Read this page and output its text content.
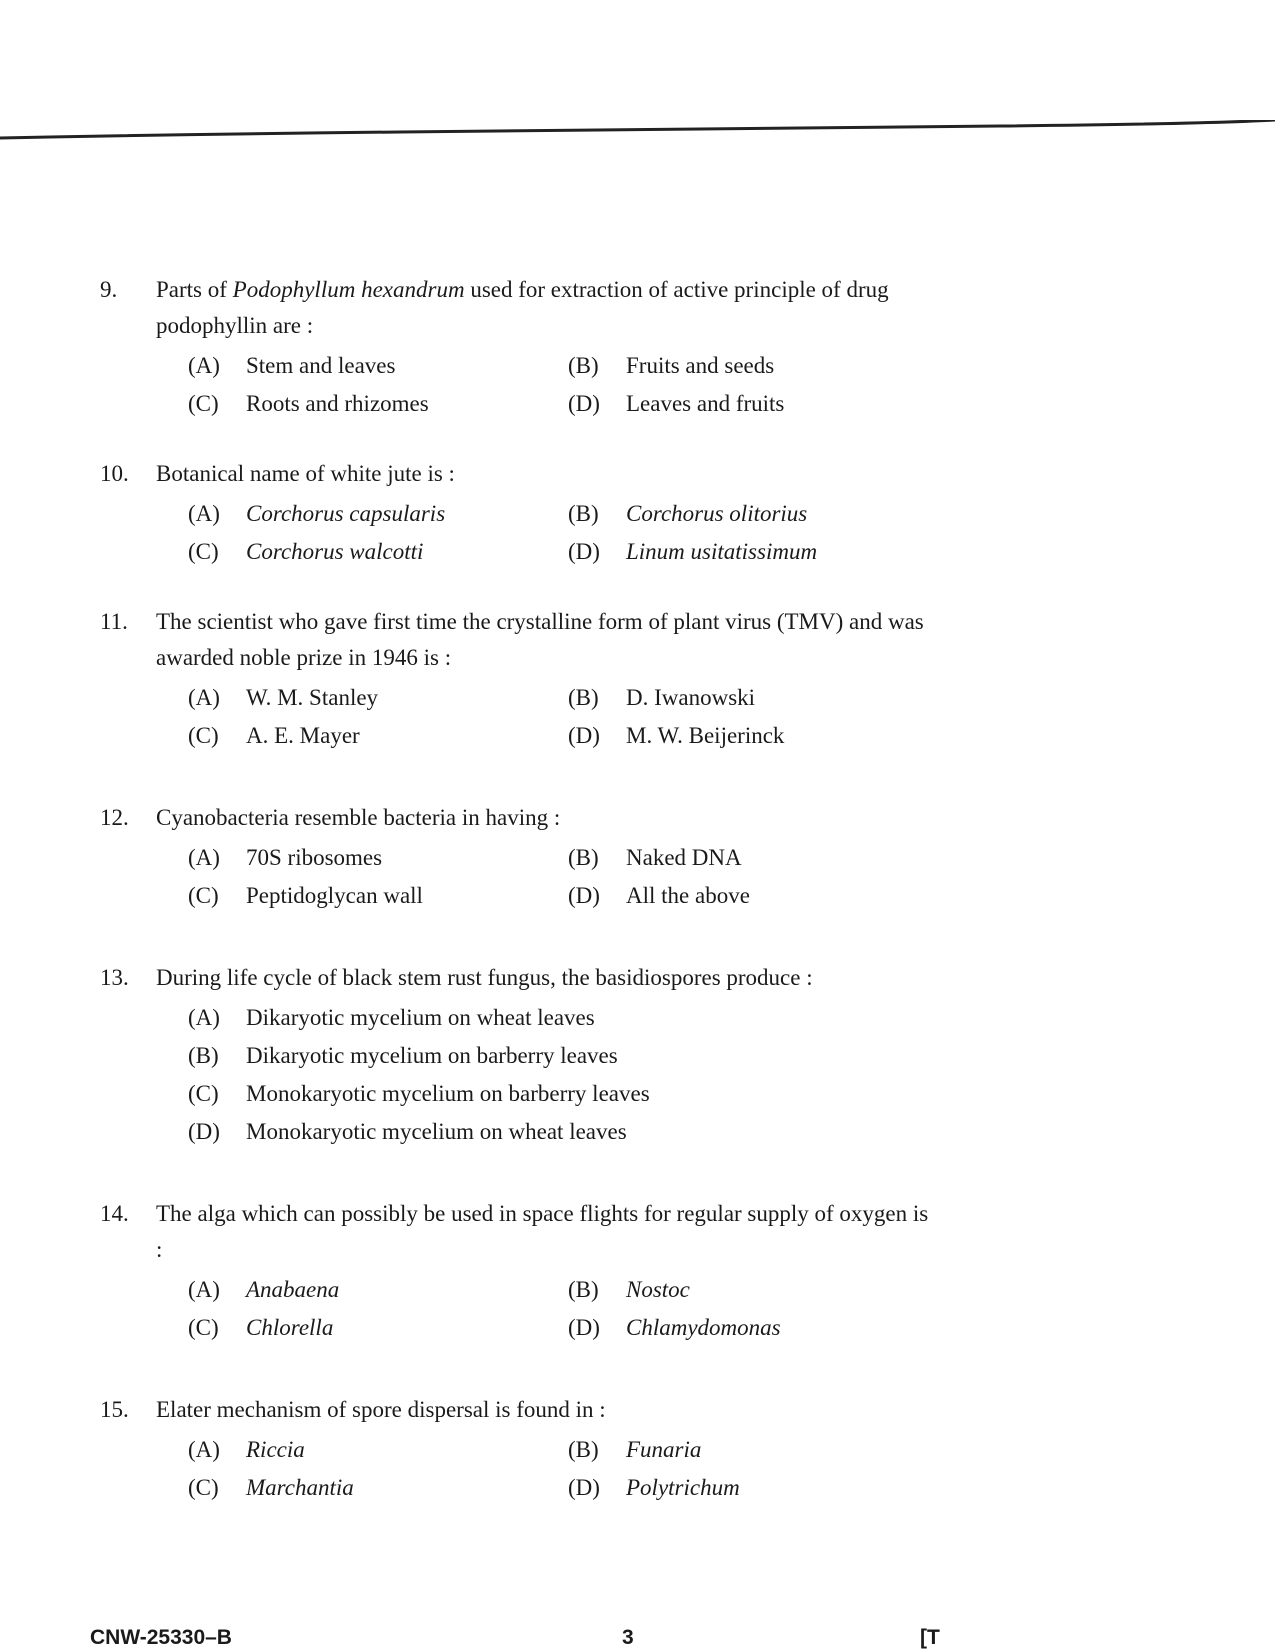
9.	Parts of Podophyllum hexandrum used for extraction of active principle of drug podophyllin are :
(A)	Stem and leaves	(B)	Fruits and seeds
(C)	Roots and rhizomes	(D)	Leaves and fruits
10.	Botanical name of white jute is :
(A)	Corchorus capsularis	(B)	Corchorus olitorius
(C)	Corchorus walcotti	(D)	Linum usitatissimum
11.	The scientist who gave first time the crystalline form of plant virus (TMV) and was awarded noble prize in 1946 is :
(A)	W. M. Stanley	(B)	D. Iwanowski
(C)	A. E. Mayer	(D)	M. W. Beijerinck
12.	Cyanobacteria resemble bacteria in having :
(A)	70S ribosomes	(B)	Naked DNA
(C)	Peptidoglycan wall	(D)	All the above
13.	During life cycle of black stem rust fungus, the basidiospores produce :
(A)	Dikaryotic mycelium on wheat leaves
(B)	Dikaryotic mycelium on barberry leaves
(C)	Monokaryotic mycelium on barberry leaves
(D)	Monokaryotic mycelium on wheat leaves
14.	The alga which can possibly be used in space flights for regular supply of oxygen is :
(A)	Anabaena	(B)	Nostoc
(C)	Chlorella	(D)	Chlamydomonas
15.	Elater mechanism of spore dispersal is found in :
(A)	Riccia	(B)	Funaria
(C)	Marchantia	(D)	Polytrichum
CNW-25330–B	3	[T
